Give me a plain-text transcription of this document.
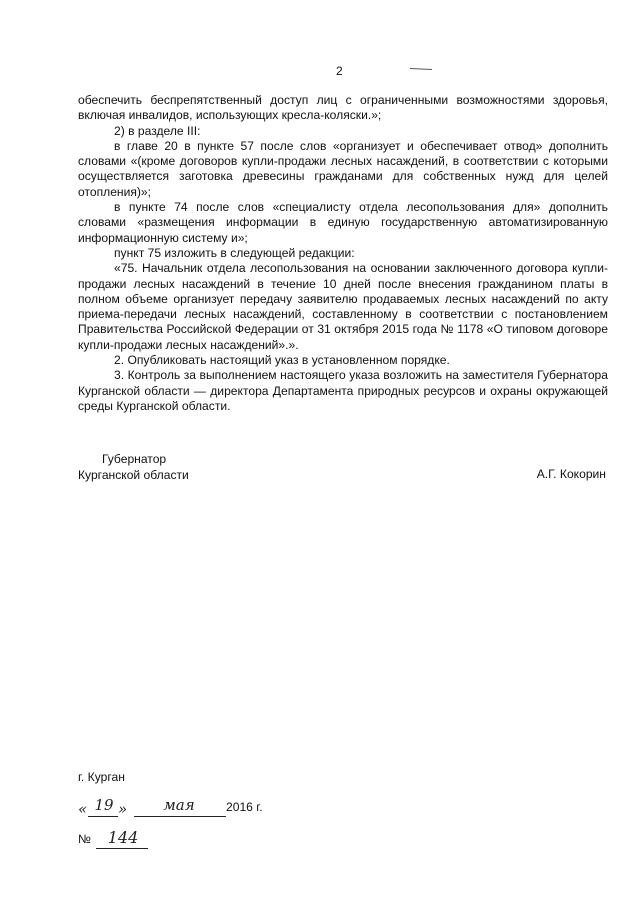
2

обеспечить беспрепятственный доступ лиц с ограниченными возможностями здоровья, включая инвалидов, использующих кресла-коляски.»;

2) в разделе III:

в главе 20 в пункте 57 после слов «организует и обеспечивает отвод» дополнить словами «(кроме договоров купли-продажи лесных насаждений, в соответствии с которыми осуществляется заготовка древесины гражданами для собственных нужд для целей отопления)»;

в пункте 74 после слов «специалисту отдела лесопользования для» дополнить словами «размещения информации в единую государственную автоматизированную информационную систему и»;

пункт 75 изложить в следующей редакции:

«75. Начальник отдела лесопользования на основании заключенного договора купли-продажи лесных насаждений в течение 10 дней после внесения гражданином платы в полном объеме организует передачу заявителю продаваемых лесных насаждений по акту приема-передачи лесных насаждений, составленному в соответствии с постановлением Правительства Российской Федерации от 31 октября 2015 года № 1178 «О типовом договоре купли-продажи лесных насаждений».».

2. Опубликовать настоящий указ в установленном порядке.

3. Контроль за выполнением настоящего указа возложить на заместителя Губернатора Курганской области — директора Департамента природных ресурсов и охраны окружающей среды Курганской области.

Губернатор
Курганской области	А.Г. Кокорин
г. Курган
« 19 »	мая	2016 г.
№	144
